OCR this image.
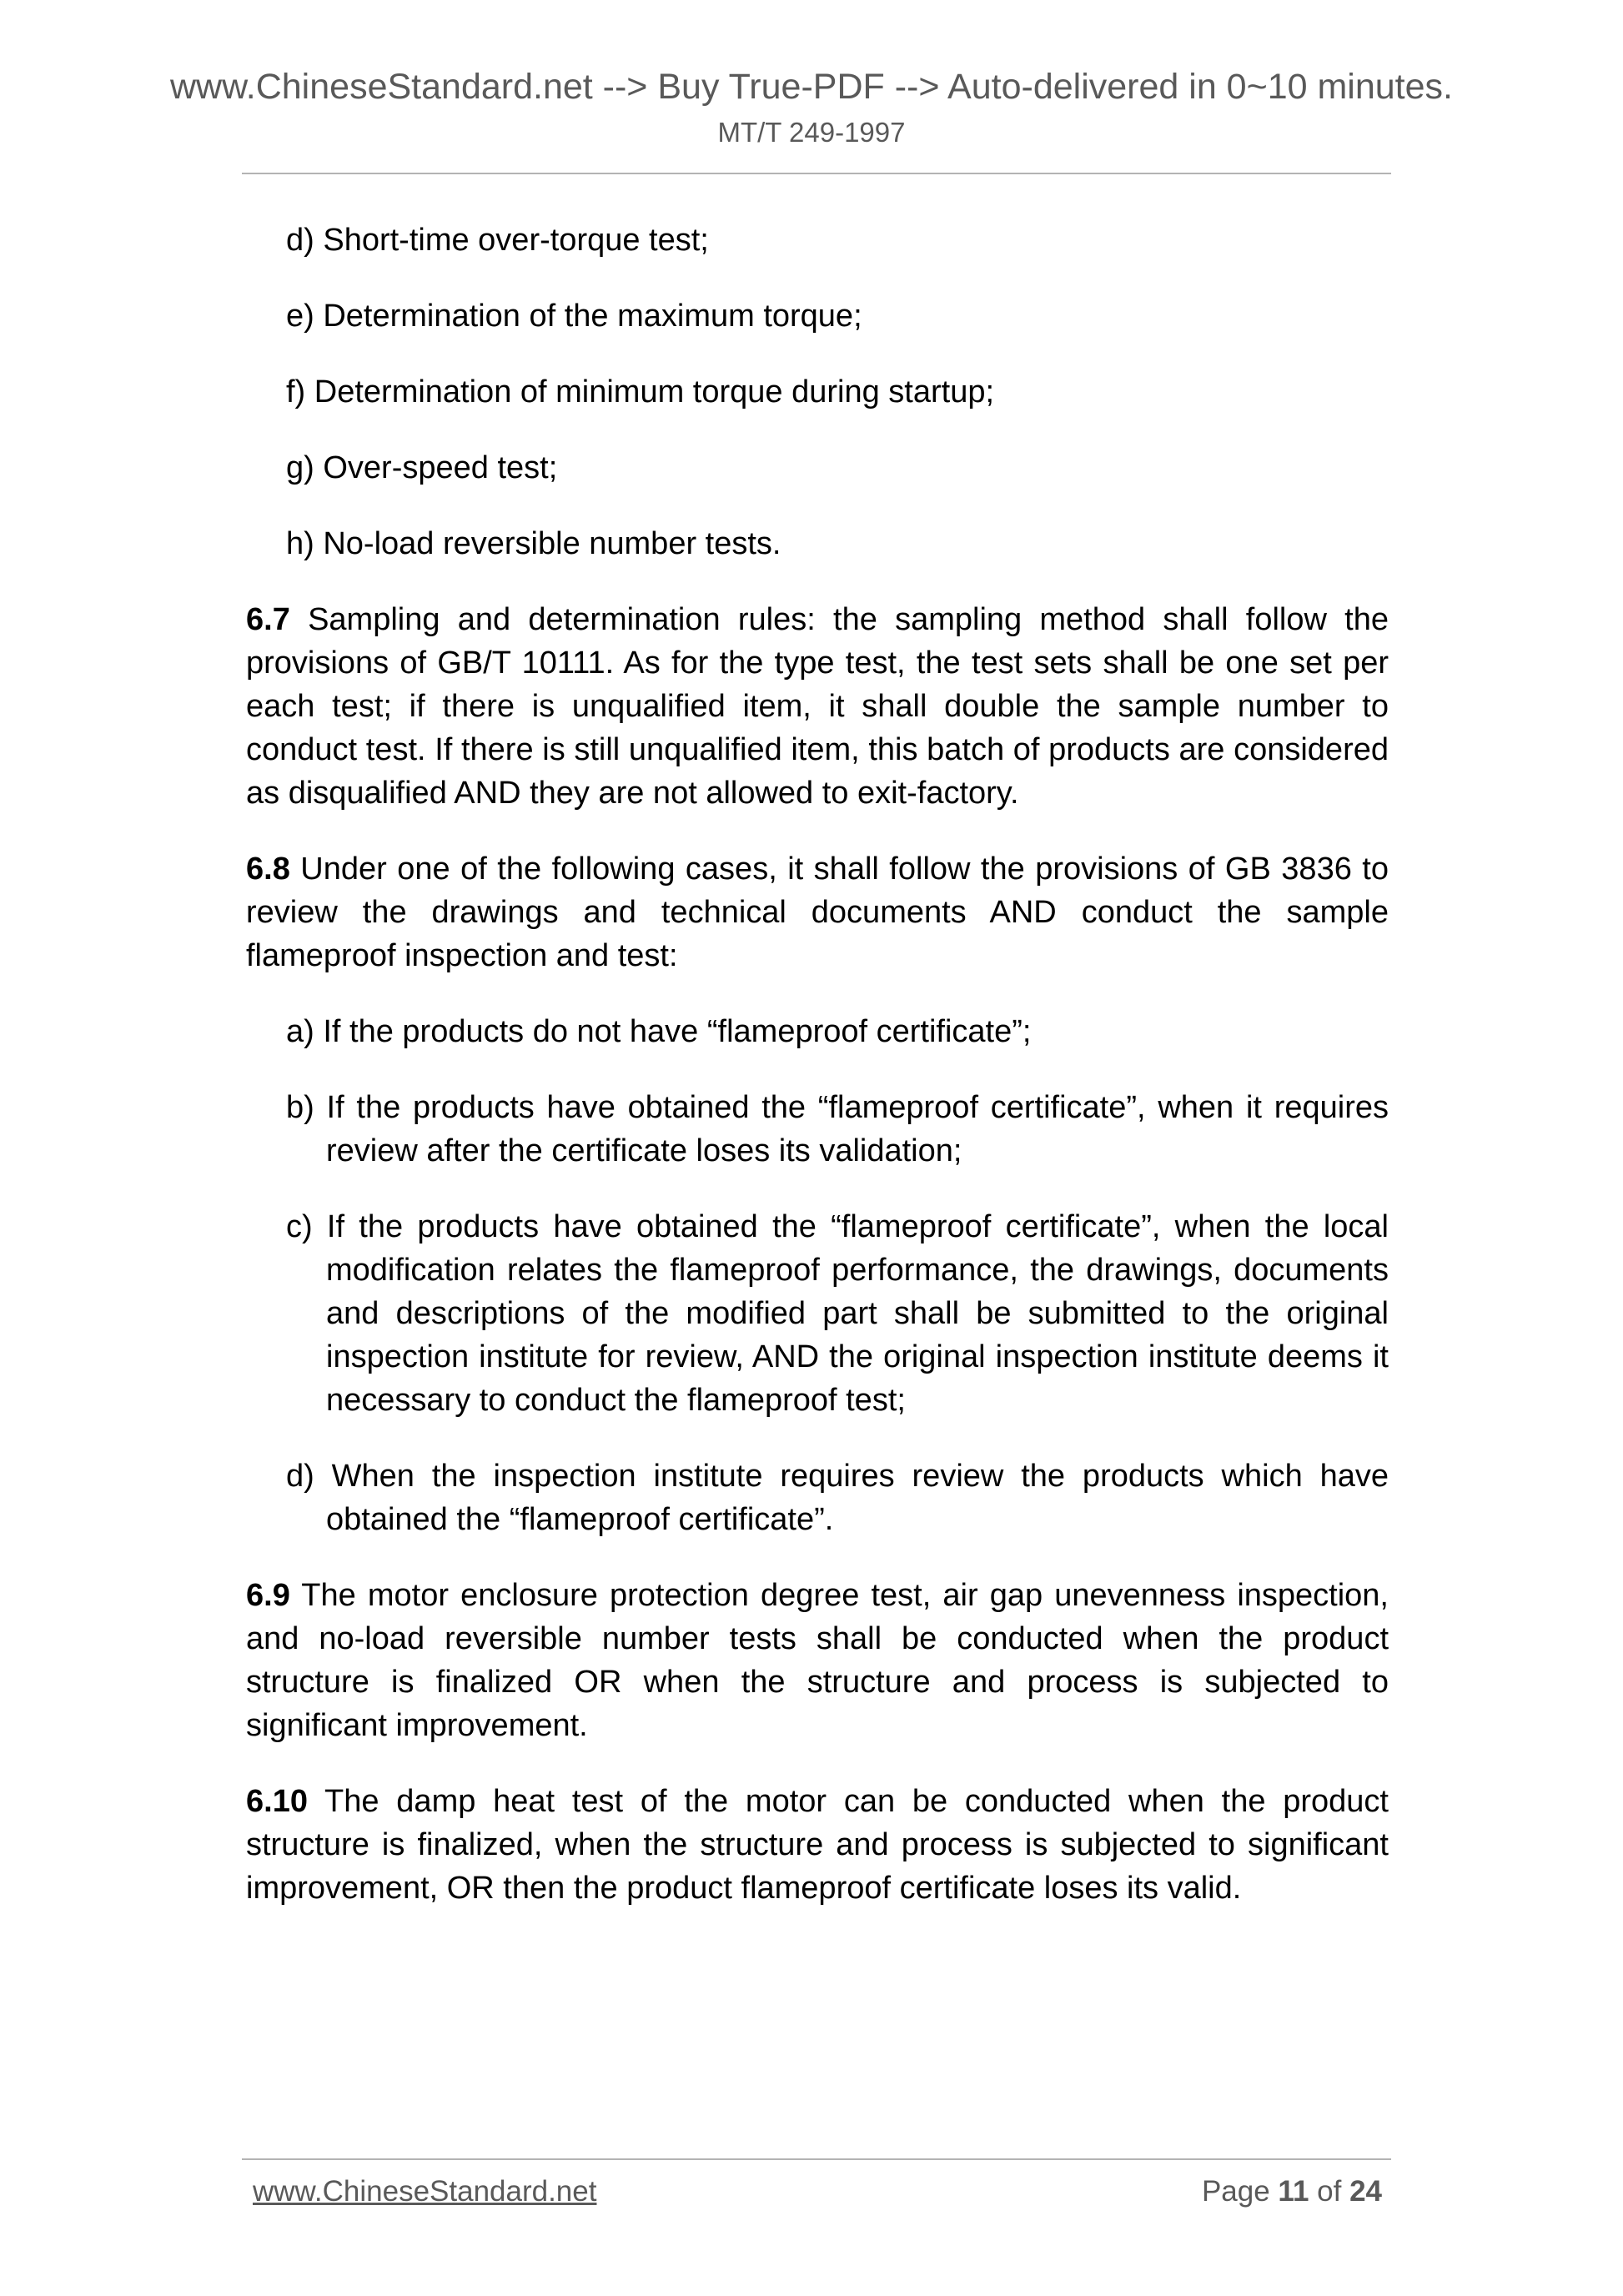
www.ChineseStandard.net --> Buy True-PDF --> Auto-delivered in 0~10 minutes.
MT/T 249-1997
d) Short-time over-torque test;
e) Determination of the maximum torque;
f) Determination of minimum torque during startup;
g) Over-speed test;
h) No-load reversible number tests.
6.7 Sampling and determination rules: the sampling method shall follow the provisions of GB/T 10111. As for the type test, the test sets shall be one set per each test; if there is unqualified item, it shall double the sample number to conduct test. If there is still unqualified item, this batch of products are considered as disqualified AND they are not allowed to exit-factory.
6.8 Under one of the following cases, it shall follow the provisions of GB 3836 to review the drawings and technical documents AND conduct the sample flameproof inspection and test:
a) If the products do not have “flameproof certificate”;
b) If the products have obtained the “flameproof certificate”, when it requires review after the certificate loses its validation;
c) If the products have obtained the “flameproof certificate”, when the local modification relates the flameproof performance, the drawings, documents and descriptions of the modified part shall be submitted to the original inspection institute for review, AND the original inspection institute deems it necessary to conduct the flameproof test;
d) When the inspection institute requires review the products which have obtained the “flameproof certificate”.
6.9 The motor enclosure protection degree test, air gap unevenness inspection, and no-load reversible number tests shall be conducted when the product structure is finalized OR when the structure and process is subjected to significant improvement.
6.10 The damp heat test of the motor can be conducted when the product structure is finalized, when the structure and process is subjected to significant improvement, OR then the product flameproof certificate loses its valid.
www.ChineseStandard.net	Page 11 of 24
